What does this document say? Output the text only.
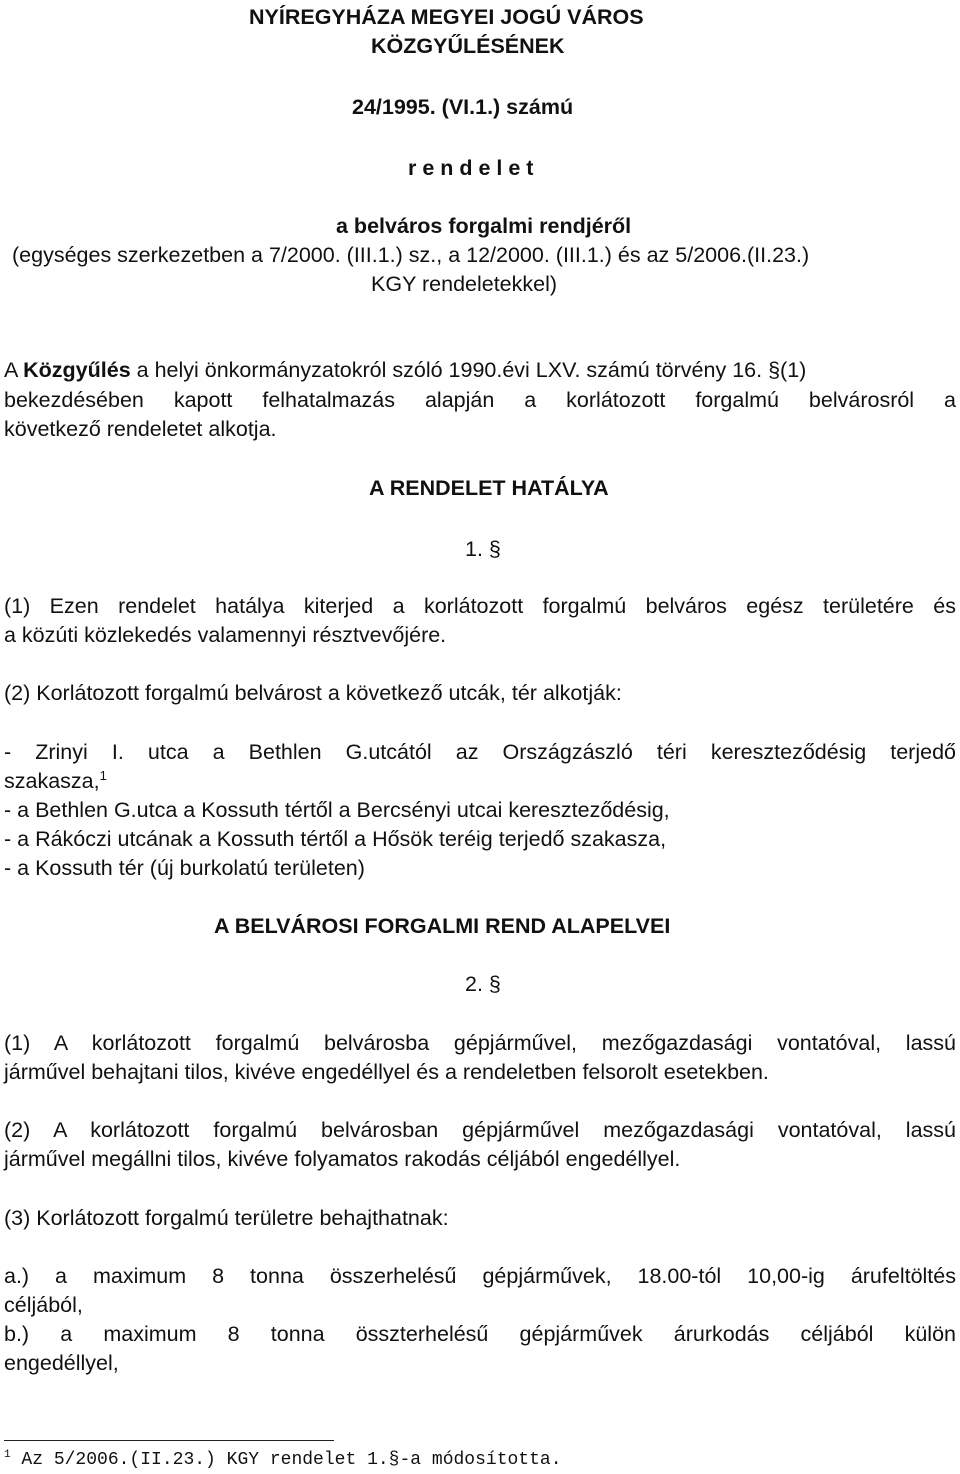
NYÍREGYHÁZA MEGYEI JOGÚ VÁROS
KÖZGYŰLÉSÉNEK
24/1995. (VI.1.) számú
r e n d e l e t
a belváros forgalmi rendjéről
(egységes szerkezetben a 7/2000. (III.1.) sz., a 12/2000. (III.1.) és az 5/2006.(II.23.)
KGY rendeletekkel)
A Közgyűlés a helyi önkormányzatokról szóló 1990.évi LXV. számú törvény 16. §(1)
bekezdésében kapott felhatalmazás alapján a korlátozott forgalmú belvárosról a
következő rendeletet alkotja.
A RENDELET HATÁLYA
1. §
(1) Ezen rendelet hatálya kiterjed a korlátozott forgalmú belváros egész területére és
a közúti közlekedés valamennyi résztvevőjére.
(2) Korlátozott forgalmú belvárost a következő utcák, tér alkotják:
- Zrinyi I. utca a Bethlen G.utcától az Országzászló téri kereszteződésig terjedő
szakasza,$^1$
- a Bethlen G.utca a Kossuth tértől a Bercsényi utcai kereszteződésig,
- a Rákóczi utcának a Kossuth tértől a Hősök teréig terjedő szakasza,
- a Kossuth tér (új burkolatú területen)
A BELVÁROSI FORGALMI REND ALAPELVEI
2. §
(1) A korlátozott forgalmú belvárosba gépjárművel, mezőgazdasági vontatóval, lassú
járművel behajtani tilos, kivéve engedéllyel és a rendeletben felsorolt esetekben.
(2) A korlátozott forgalmú belvárosban gépjárművel mezőgazdasági vontatóval, lassú
járművel megállni tilos, kivéve folyamatos rakodás céljából engedéllyel.
(3) Korlátozott forgalmú területre behajthatnak:
a.) a maximum 8 tonna összerhelésű gépjárművek, 18.00-tól 10,00-ig árufeltöltés
céljából,
b.) a maximum 8 tonna összterhelésű gépjárművek árurkodás céljából külön
engedéllyel,
$^1$ Az 5/2006.(II.23.) KGY rendelet 1.§-a módosította.
